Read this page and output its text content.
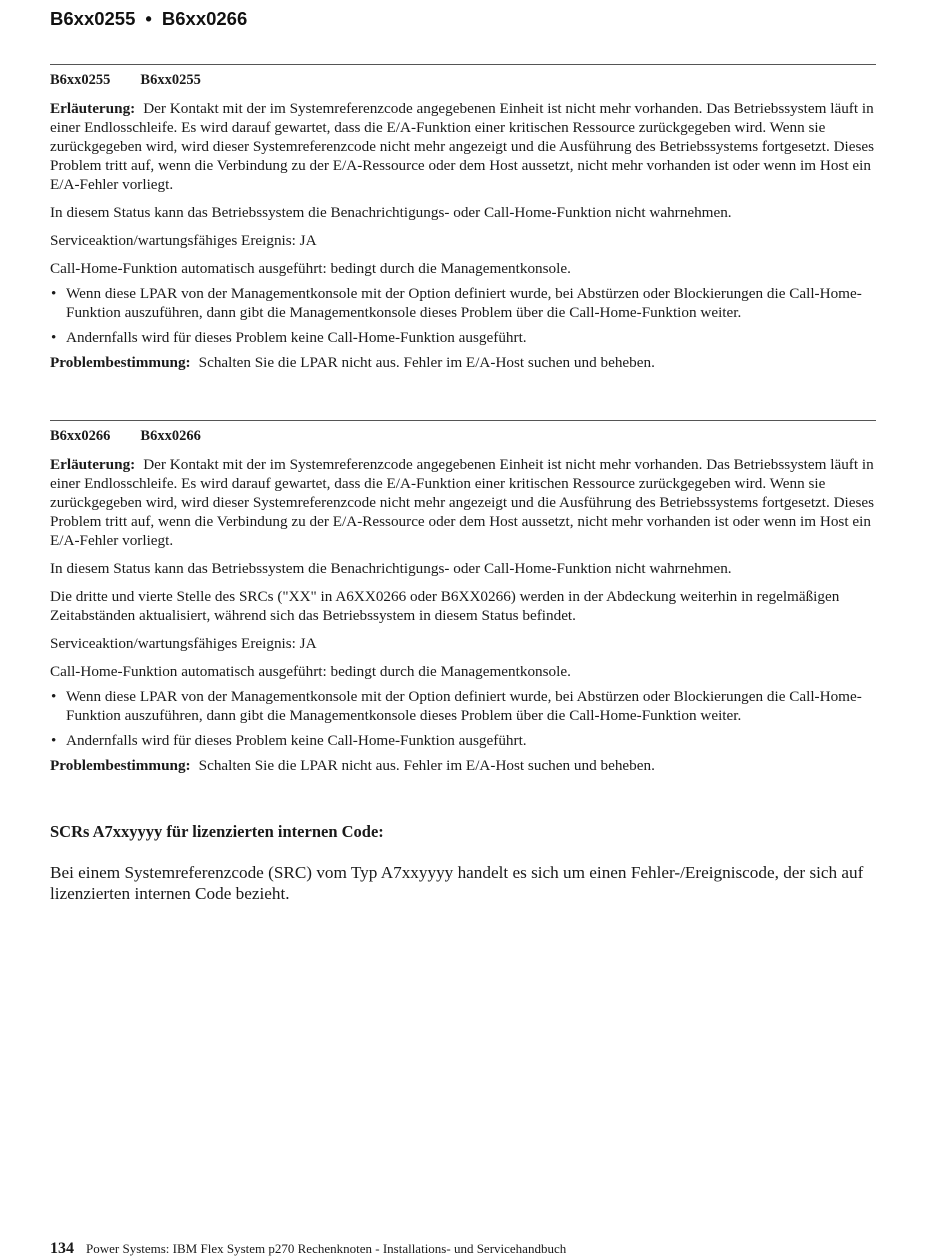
B6xx0255 • B6xx0266
B6xx0255 B6xx0255

Erläuterung: Der Kontakt mit der im Systemreferenzcode angegebenen Einheit ist nicht mehr vorhanden. Das Betriebssystem läuft in einer Endlosschleife. Es wird darauf gewartet, dass die E/A-Funktion einer kritischen Ressource zurückgegeben wird. Wenn sie zurückgegeben wird, wird dieser Systemreferenzcode nicht mehr angezeigt und die Ausführung des Betriebssystems fortgesetzt. Dieses Problem tritt auf, wenn die Verbindung zu der E/A-Ressource oder dem Host aussetzt, nicht mehr vorhanden ist oder wenn im Host ein E/A-Fehler vorliegt.

In diesem Status kann das Betriebssystem die Benachrichtigungs- oder Call-Home-Funktion nicht wahrnehmen.

Serviceaktion/wartungsfähiges Ereignis: JA

Call-Home-Funktion automatisch ausgeführt: bedingt durch die Managementkonsole.

• Wenn diese LPAR von der Managementkonsole mit der Option definiert wurde, bei Abstürzen oder Blockierungen die Call-Home-Funktion auszuführen, dann gibt die Managementkonsole dieses Problem über die Call-Home-Funktion weiter.
• Andernfalls wird für dieses Problem keine Call-Home-Funktion ausgeführt.

Problembestimmung: Schalten Sie die LPAR nicht aus. Fehler im E/A-Host suchen und beheben.

B6xx0266 B6xx0266

Erläuterung: Der Kontakt mit der im Systemreferenzcode angegebenen Einheit ist nicht mehr vorhanden. Das Betriebssystem läuft in einer Endlosschleife. Es wird darauf gewartet, dass die E/A-Funktion einer kritischen Ressource zurückgegeben wird. Wenn sie zurückgegeben wird, wird dieser Systemreferenzcode nicht mehr angezeigt und die Ausführung des Betriebssystems fortgesetzt. Dieses Problem tritt auf, wenn die Verbindung zu der E/A-Ressource oder dem Host aussetzt, nicht mehr vorhanden ist oder wenn im Host ein E/A-Fehler vorliegt.

In diesem Status kann das Betriebssystem die Benachrichtigungs- oder Call-Home-Funktion nicht wahrnehmen.

Die dritte und vierte Stelle des SRCs ("XX" in A6XX0266 oder B6XX0266) werden in der Abdeckung weiterhin in regelmäßigen Zeitabständen aktualisiert, während sich das Betriebssystem in diesem Status befindet.

Serviceaktion/wartungsfähiges Ereignis: JA

Call-Home-Funktion automatisch ausgeführt: bedingt durch die Managementkonsole.

• Wenn diese LPAR von der Managementkonsole mit der Option definiert wurde, bei Abstürzen oder Blockierungen die Call-Home-Funktion auszuführen, dann gibt die Managementkonsole dieses Problem über die Call-Home-Funktion weiter.
• Andernfalls wird für dieses Problem keine Call-Home-Funktion ausgeführt.

Problembestimmung: Schalten Sie die LPAR nicht aus. Fehler im E/A-Host suchen und beheben.

SCRs A7xxyyyy für lizenzierten internen Code:
Bei einem Systemreferenzcode (SRC) vom Typ A7xxyyyy handelt es sich um einen Fehler-/Ereigniscode, der sich auf lizenzierten internen Code bezieht.
134 Power Systems: IBM Flex System p270 Rechenknoten - Installations- und Servicehandbuch
